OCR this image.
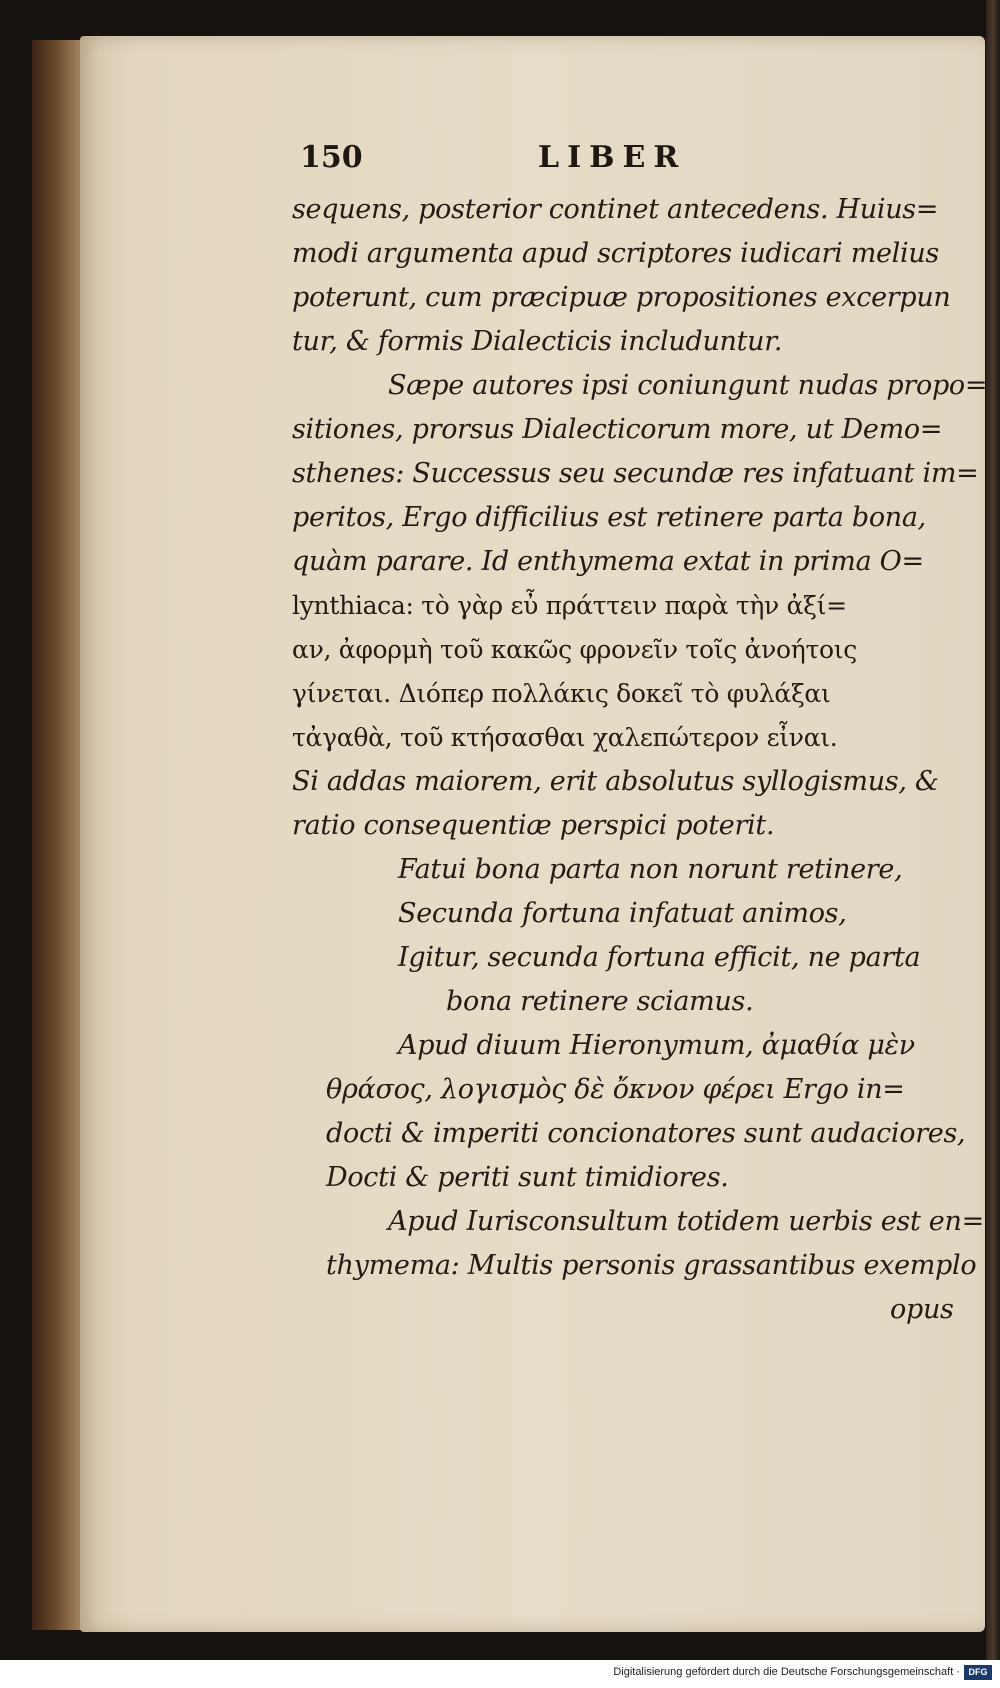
150	LIBER
sequens, posterior continet antecedens. Huius=
modi argumenta apud scriptores iudicari melius
poterunt, cum præcipuæ propositiones excerpun
tur, & formis Dialecticis includuntur.
Sæpe autores ipsi coniungunt nudas propo=
sitiones, prorsus Dialecticorum more, ut Demo=
sthenes: Successus seu secundæ res infatuant im=
peritos, Ergo difficilius est retinere parta bona,
quàm parare. Id enthymema extat in prima O=
lynthiaca: τὸ γὰρ εὖ πράττειν παρὰ τὴν ἀξί=
αν, ἀφορμὴ τοῦ κακῶς φρονεῖν τοῖς ἀνοήτοις
γίνεται. Διόπερ πολλάκις δοκεῖ τὸ φυλάξαι
τἀγαθὰ, τοῦ κτήσασθαι χαλεπώτερον εἶναι.
Si addas maiorem, erit absolutus syllogismus, &
ratio consequentiæ perspici poterit.
Fatui bona parta non norunt retinere,
Secunda fortuna infatuat animos,
Igitur, secunda fortuna efficit, ne parta
bona retinere sciamus.
Apud diuum Hieronymum, ἀμαθία μὲν
θράσος, λογισμὸς δὲ ὄκνον φέρει Ergo in=
docti & imperiti concionatores sunt audaciores,
Docti & periti sunt timidiores.
Apud Iurisconsultum totidem uerbis est en=
thymema: Multis personis grassantibus exemplo
opus
Digitalisierung gefördert durch die Deutsche Forschungsgemeinschaft · DFG
